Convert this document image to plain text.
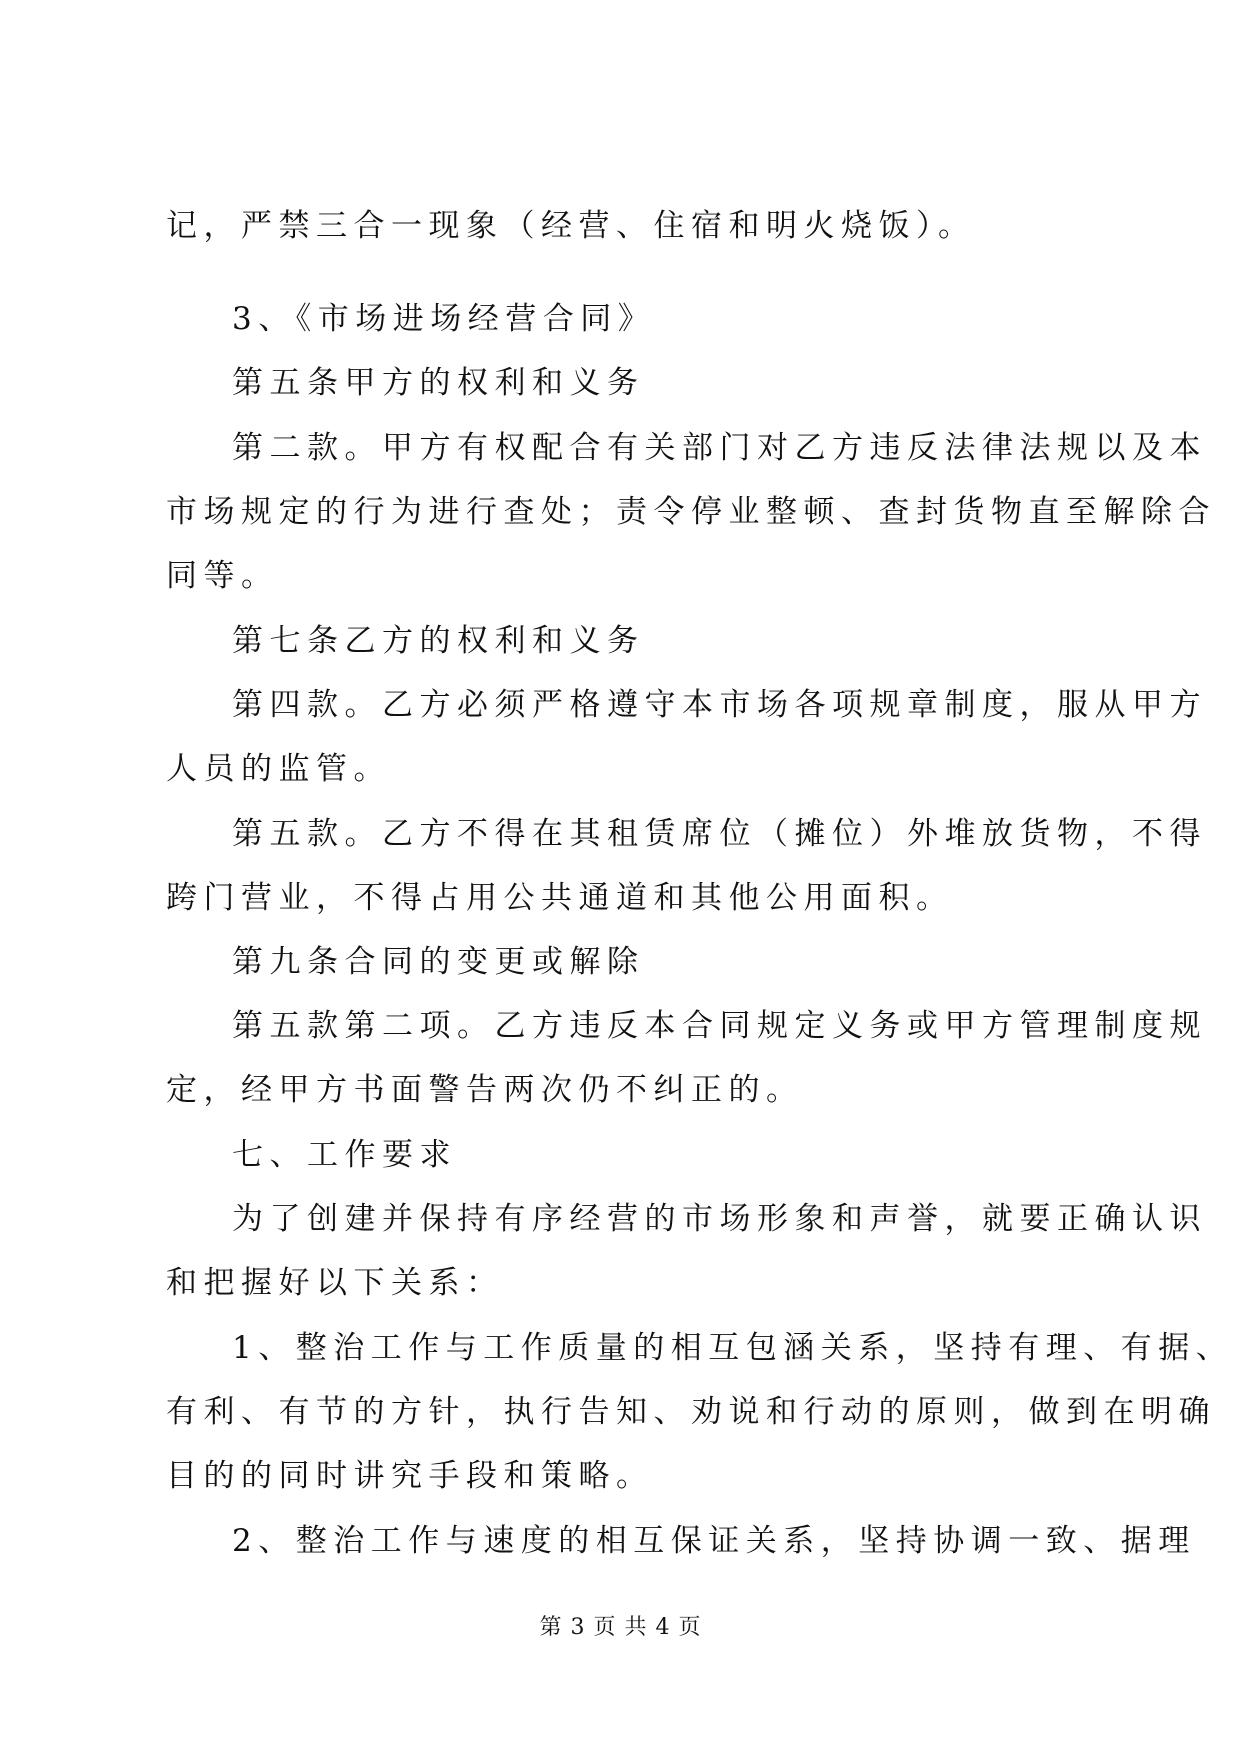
记，严禁三合一现象（经营、住宿和明火烧饭）。
3、《市场进场经营合同》
第五条甲方的权利和义务
第二款。甲方有权配合有关部门对乙方违反法律法规以及本
市场规定的行为进行查处；责令停业整顿、查封货物直至解除合
同等。
第七条乙方的权利和义务
第四款。乙方必须严格遵守本市场各项规章制度，服从甲方
人员的监管。
第五款。乙方不得在其租赁席位（摊位）外堆放货物，不得
跨门营业，不得占用公共通道和其他公用面积。
第九条合同的变更或解除
第五款第二项。乙方违反本合同规定义务或甲方管理制度规
定，经甲方书面警告两次仍不纠正的。
七、工作要求
为了创建并保持有序经营的市场形象和声誉，就要正确认识
和把握好以下关系：
1、整治工作与工作质量的相互包涵关系，坚持有理、有据、
有利、有节的方针，执行告知、劝说和行动的原则，做到在明确
目的的同时讲究手段和策略。
2、整治工作与速度的相互保证关系，坚持协调一致、据理
第 3 页 共 4 页
